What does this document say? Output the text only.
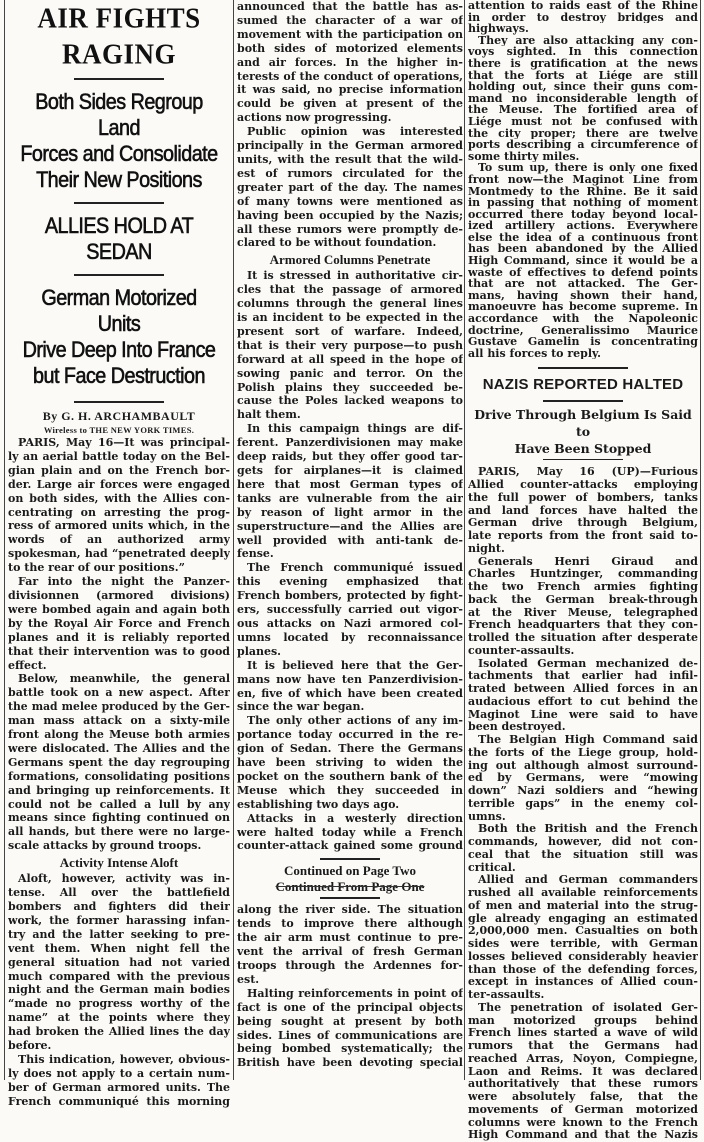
AIR FIGHTS RAGING
Both Sides Regroup Land
Forces and Consolidate
Their New Positions
ALLIES HOLD AT SEDAN
German Motorized Units
Drive Deep Into France
but Face Destruction
By G. H. ARCHAMBAULT
Wireless to THE NEW YORK TIMES.
PARIS, May 16—It was principal-
ly an aerial battle today on the Bel-
gian plain and on the French bor-
der. Large air forces were engaged
on both sides, with the Allies con-
centrating on arresting the prog-
ress of armored units which, in the
words of an authorized army
spokesman, had “penetrated deeply
to the rear of our positions.”
Far into the night the Panzer-
divisionnen (armored divisions)
were bombed again and again both
by the Royal Air Force and French
planes and it is reliably reported
that their intervention was to good
effect.
Below, meanwhile, the general
battle took on a new aspect. After
the mad melee produced by the Ger-
man mass attack on a sixty-mile
front along the Meuse both armies
were dislocated. The Allies and the
Germans spent the day regrouping
formations, consolidating positions
and bringing up reinforcements. It
could not be called a lull by any
means since fighting continued on
all hands, but there were no large-
scale attacks by ground troops.
Activity Intense Aloft
Aloft, however, activity was in-
tense. All over the battlefield
bombers and fighters did their
work, the former harassing infan-
try and the latter seeking to pre-
vent them. When night fell the
general situation had not varied
much compared with the previous
night and the German main bodies
“made no progress worthy of the
name” at the points where they
had broken the Allied lines the day
before.
This indication, however, obvious-
ly does not apply to a certain num-
ber of German armored units. The
French communiqué this morning
announced that the battle has as-
sumed the character of a war of
movement with the participation on
both sides of motorized elements
and air forces. In the higher in-
terests of the conduct of operations,
it was said, no precise information
could be given at present of the
actions now progressing.
Public opinion was interested
principally in the German armored
units, with the result that the wild-
est of rumors circulated for the
greater part of the day. The names
of many towns were mentioned as
having been occupied by the Nazis;
all these rumors were promptly de-
clared to be without foundation.
Armored Columns Penetrate
It is stressed in authoritative cir-
cles that the passage of armored
columns through the general lines
is an incident to be expected in the
present sort of warfare. Indeed,
that is their very purpose—to push
forward at all speed in the hope of
sowing panic and terror. On the
Polish plains they succeeded be-
cause the Poles lacked weapons to
halt them.
In this campaign things are dif-
ferent. Panzerdivisionen may make
deep raids, but they offer good tar-
gets for airplanes—it is claimed
here that most German types of
tanks are vulnerable from the air
by reason of light armor in the
superstructure—and the Allies are
well provided with anti-tank de-
fense.
The French communiqué issued
this evening emphasized that
French bombers, protected by fight-
ers, successfully carried out vigor-
ous attacks on Nazi armored col-
umns located by reconnaissance
planes.
It is believed here that the Ger-
mans now have ten Panzerdivision-
en, five of which have been created
since the war began.
The only other actions of any im-
portance today occurred in the re-
gion of Sedan. There the Germans
have been striving to widen the
pocket on the southern bank of the
Meuse which they succeeded in
establishing two days ago.
Attacks in a westerly direction
were halted today while a French
counter-attack gained some ground
Continued on Page Two
Continued From Page One
along the river side. The situation
tends to improve there although
the air arm must continue to pre-
vent the arrival of fresh German
troops through the Ardennes for-
est.
Halting reinforcements in point of
fact is one of the principal objects
being sought at present by both
sides. Lines of communications are
being bombed systematically; the
British have been devoting special
attention to raids east of the Rhine
in order to destroy bridges and
highways.
They are also attacking any con-
voys sighted. In this connection
there is gratification at the news
that the forts at Liége are still
holding out, since their guns com-
mand no inconsiderable length of
the Meuse. The fortified area of
Liége must not be confused with
the city proper; there are twelve
ports describing a circumference of
some thirty miles.
To sum up, there is only one fixed
front now—the Maginot Line from
Montmedy to the Rhine. Be it said
in passing that nothing of moment
occurred there today beyond local-
ized artillery actions. Everywhere
else the idea of a continuous front
has been abandoned by the Allied
High Command, since it would be a
waste of effectives to defend points
that are not attacked. The Ger-
mans, having shown their hand,
manoeuvre has become supreme. In
accordance with the Napoleonic
doctrine, Generalissimo Maurice
Gustave Gamelin is concentrating
all his forces to reply.
NAZIS REPORTED HALTED
Drive Through Belgium Is Said to
Have Been Stopped
PARIS, May 16 (UP)—Furious
Allied counter-attacks employing
the full power of bombers, tanks
and land forces have halted the
German drive through Belgium,
late reports from the front said to-
night.
Generals Henri Giraud and
Charles Huntzinger, commanding
the two French armies fighting
back the German break-through
at the River Meuse, telegraphed
French headquarters that they con-
trolled the situation after desperate
counter-assaults.
Isolated German mechanized de-
tachments that earlier had infil-
trated between Allied forces in an
audacious effort to cut behind the
Maginot Line were said to have
been destroyed.
The Belgian High Command said
the forts of the Liege group, hold-
ing out although almost surround-
ed by Germans, were “mowing
down” Nazi soldiers and “hewing
terrible gaps” in the enemy col-
umns.
Both the British and the French
commands, however, did not con-
ceal that the situation still was
critical.
Allied and German commanders
rushed all available reinforcements
of men and material into the strug-
gle already engaging an estimated
2,000,000 men. Casualties on both
sides were terrible, with German
losses believed considerably heavier
than those of the defending forces,
except in instances of Allied coun-
ter-assaults.
The penetration of isolated Ger-
man motorized groups behind
French lines started a wave of wild
rumors that the Germans had
reached Arras, Noyon, Compiegne,
Laon and Reims. It was declared
authoritatively that these rumors
were absolutely false, that the
movements of German motorized
columns were known to the French
High Command and that the Nazis
